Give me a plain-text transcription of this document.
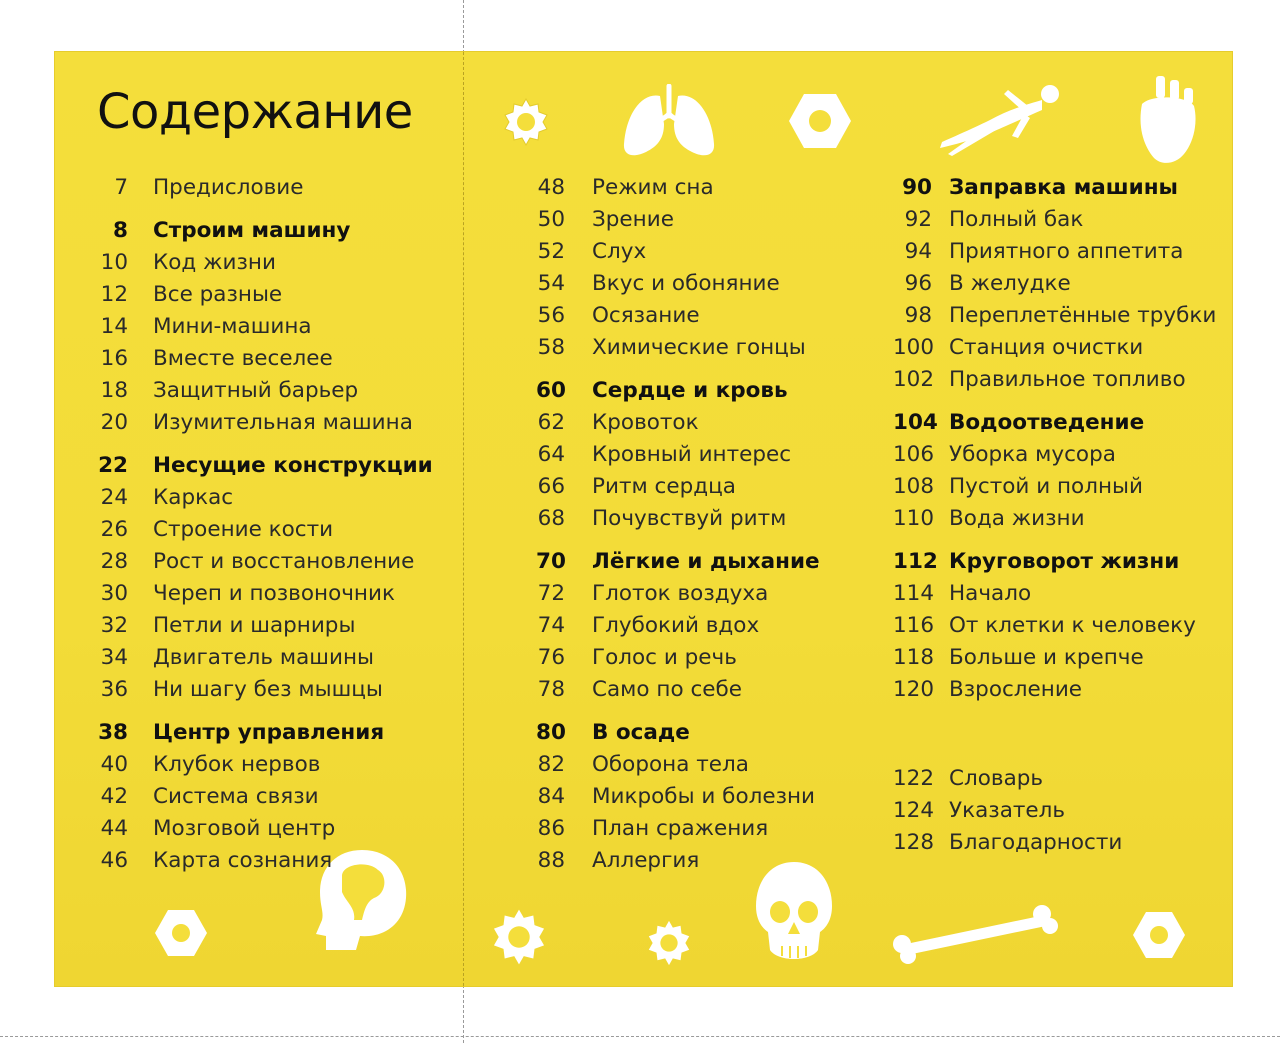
Содержание
7 Предисловие
8 Строим машину
10 Код жизни
12 Все разные
14 Мини-машина
16 Вместе веселее
18 Защитный барьер
20 Изумительная машина
22 Несущие конструкции
24 Каркас
26 Строение кости
28 Рост и восстановление
30 Череп и позвоночник
32 Петли и шарниры
34 Двигатель машины
36 Ни шагу без мышцы
38 Центр управления
40 Клубок нервов
42 Система связи
44 Мозговой центр
46 Карта сознания
48 Режим сна
50 Зрение
52 Слух
54 Вкус и обоняние
56 Осязание
58 Химические гонцы
60 Сердце и кровь
62 Кровоток
64 Кровный интерес
66 Ритм сердца
68 Почувствуй ритм
70 Лёгкие и дыхание
72 Глоток воздуха
74 Глубокий вдох
76 Голос и речь
78 Само по себе
80 В осаде
82 Оборона тела
84 Микробы и болезни
86 План сражения
88 Аллергия
90 Заправка машины
92 Полный бак
94 Приятного аппетита
96 В желудке
98 Переплетённые трубки
100 Станция очистки
102 Правильное топливо
104 Водоотведение
106 Уборка мусора
108 Пустой и полный
110 Вода жизни
112 Круговорот жизни
114 Начало
116 От клетки к человеку
118 Больше и крепче
120 Взросление
122 Словарь
124 Указатель
128 Благодарности
